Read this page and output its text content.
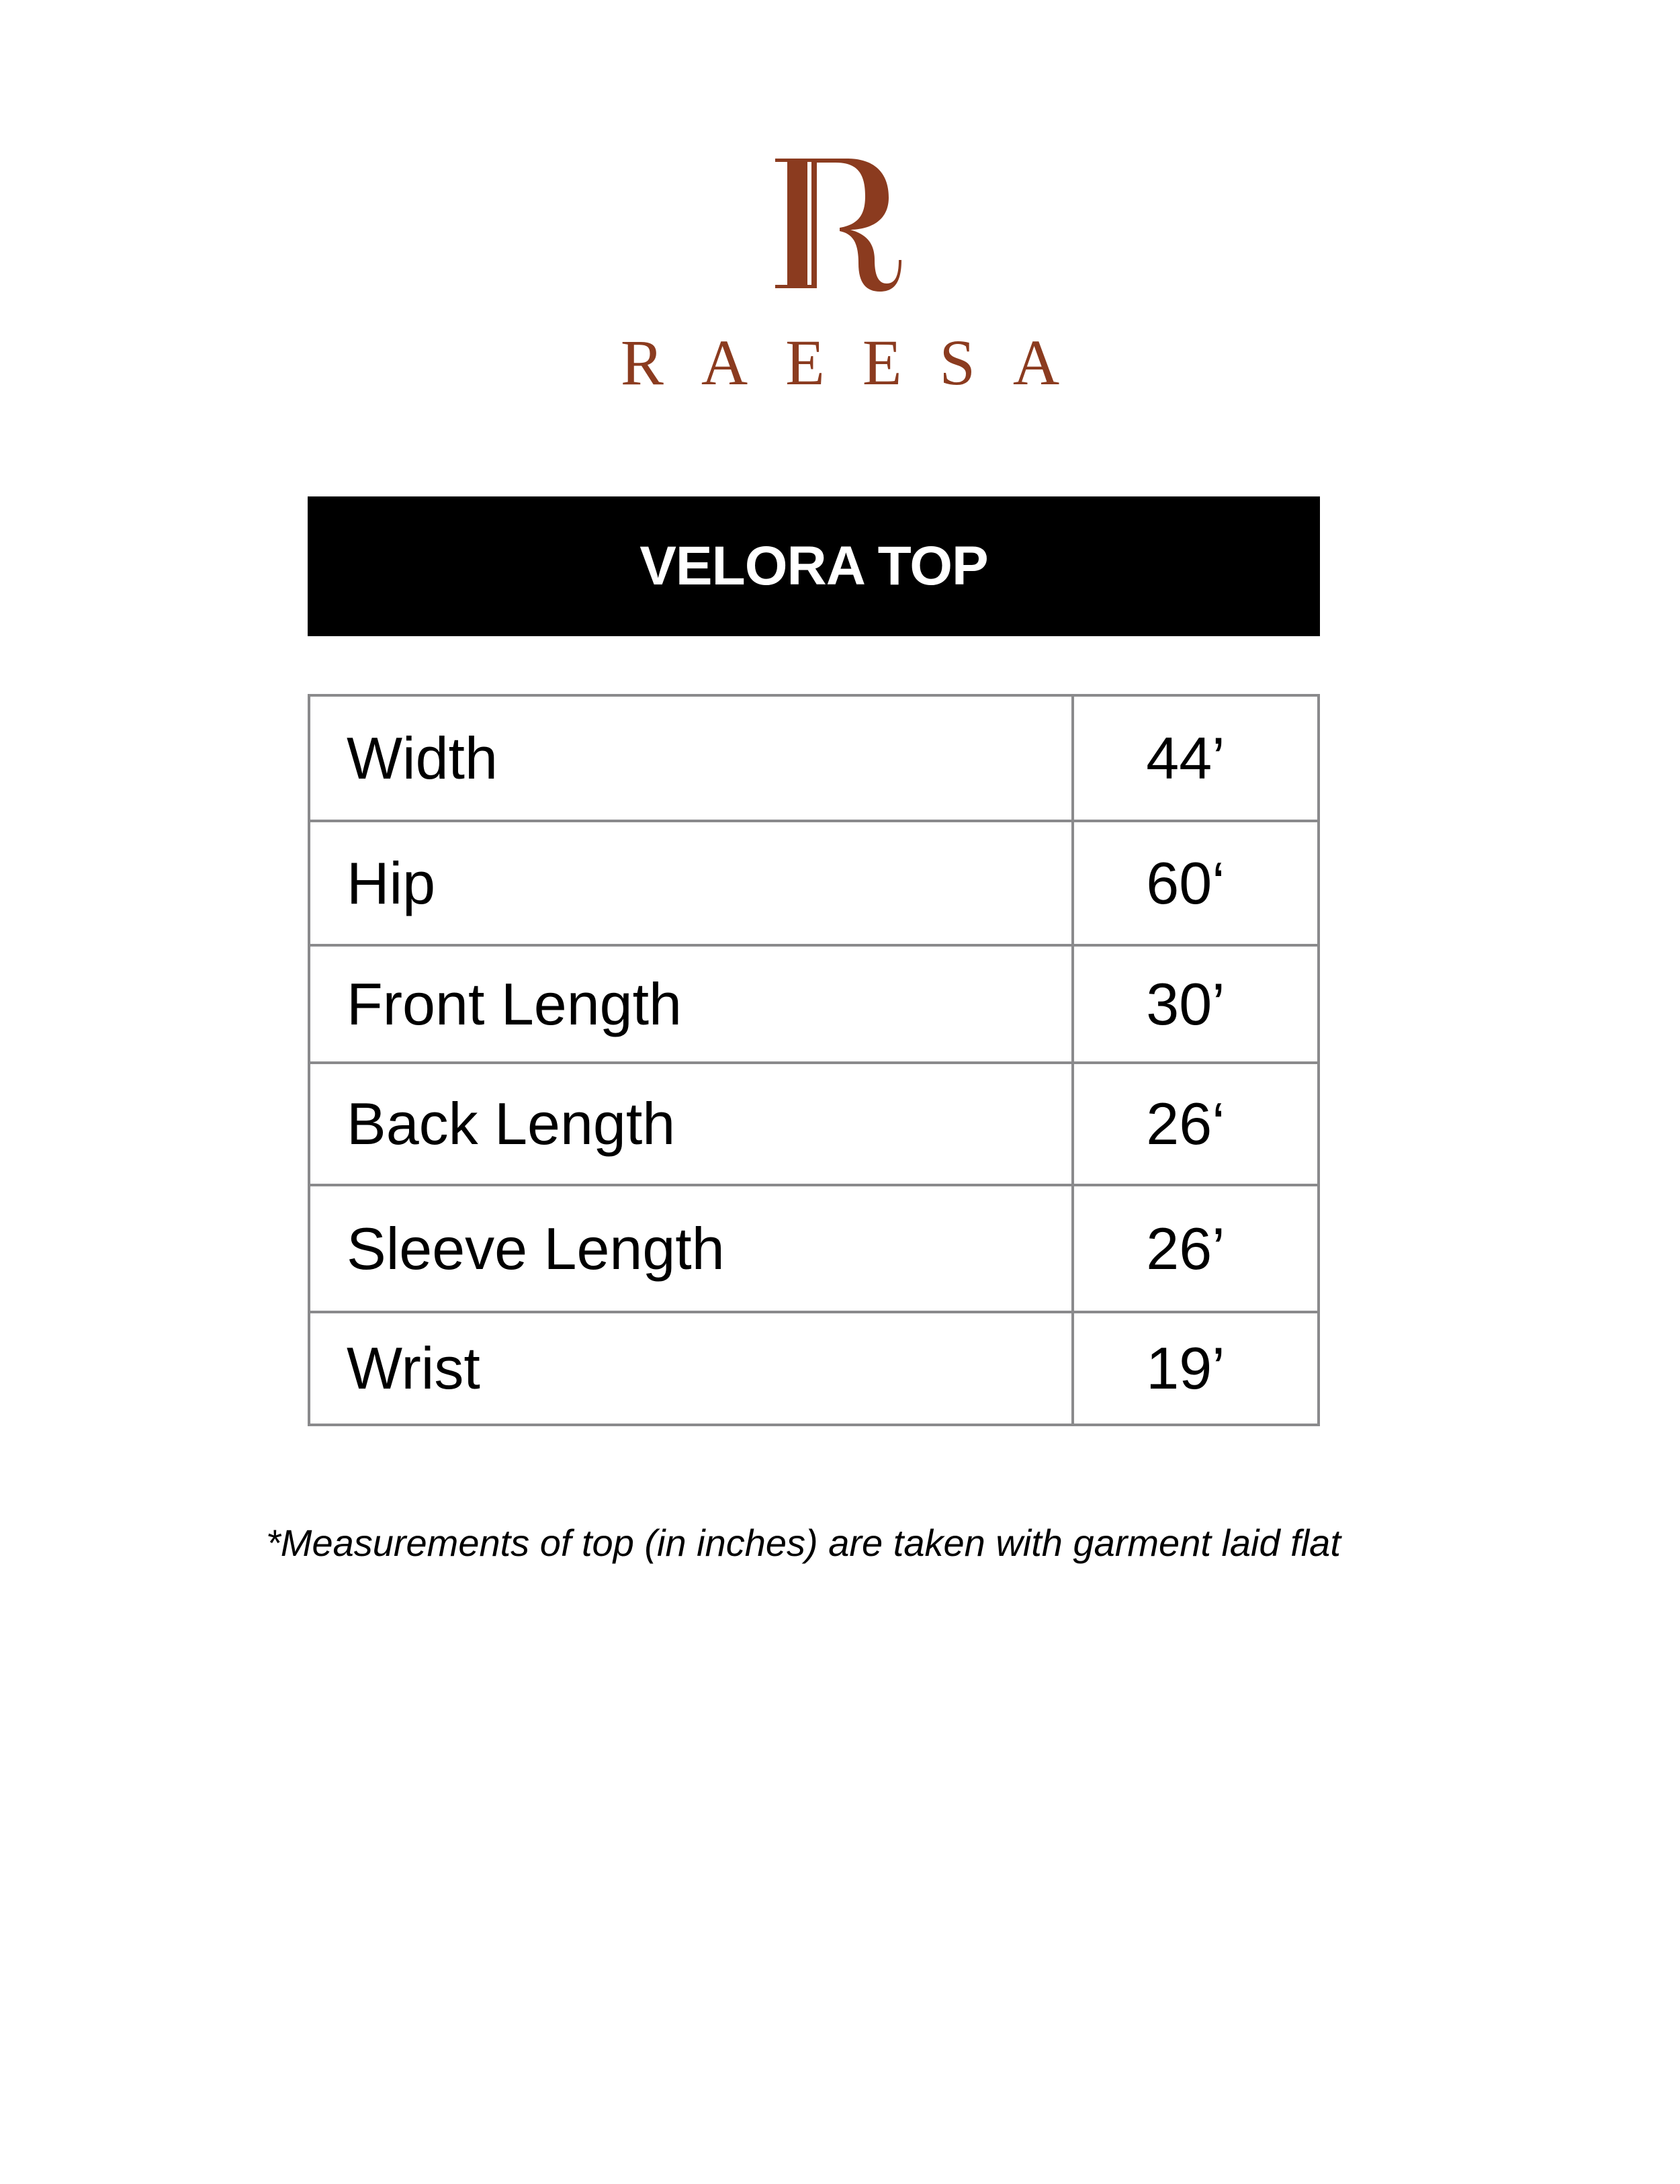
RAEESA
VELORA TOP
Width	44’
Hip	60‘
Front Length	30’
Back Length	26‘
Sleeve Length	26’
Wrist	19’
*Measurements of top (in inches) are taken with garment laid flat
